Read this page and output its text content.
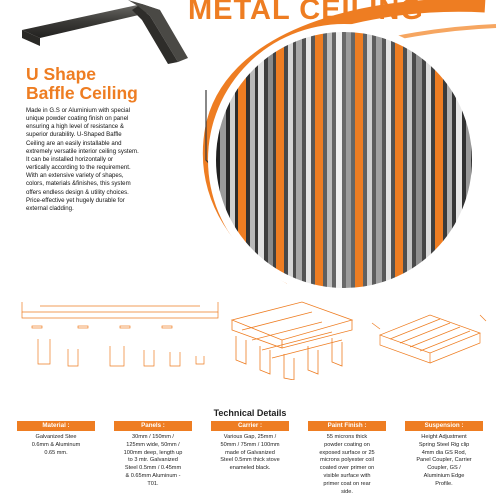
METAL CEILING
U Shape
Baffle Ceiling

Made in G.S or Aluminium with special

unique powder coating finish on panel

ensuring a high level of resistance &

superior durability. U-Shaped Baffle

Ceiling are an easily installable and

extremely versatile interior ceiling system.

It can be installed horizontally or

vertically according to the requirement.

With an extensive variety of shapes,

colors, materials &finishes, this system

offers endless design & utility choices.

Price-effective yet hugely durable for

external cladding.

Technical Details
Material :

Galvanized Stee

0.6mm & Aluminum

0.65 mm.

Panels :

30mm / 150mm /

125mm wide, 50mm /

100mm deep, length up

to 3 mtr. Galvanized

Steel 0.5mm / 0.45mm

& 0.65mm Aluminum -

T01.

Carrier :

Various Gap, 25mm /

50mm / 75mm / 100mm

made of Galvanized

Steel 0.5mm thick stove

enameled black.

Paint Finish :

55 microns thick

powder coating on

exposed surface or 25

microns polyester coil

coated over primer on

visible surface with

primer coat on rear

side.

Suspension :

Height Adjustment

Spring Steel Rig clip

4mm dia GS Rod,

Panel Coupler, Carrier

Coupler, GS /

Aluminium Edge

Profile.
